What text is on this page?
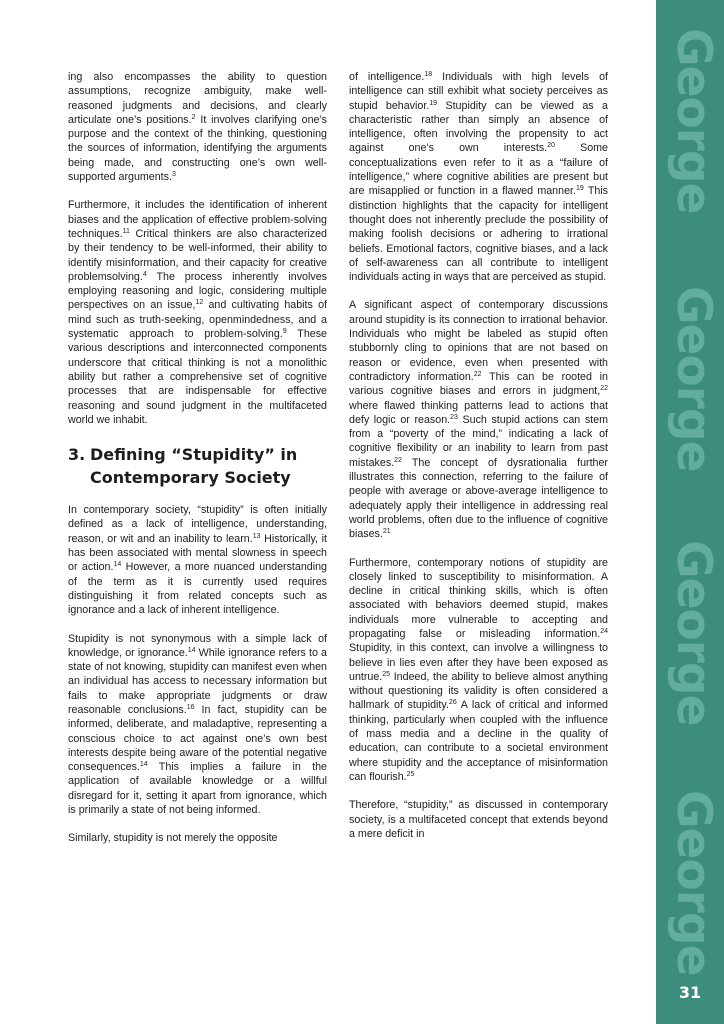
ing also encompasses the ability to question assumptions, recognize ambiguity, make well-reasoned judgments and decisions, and clearly articulate one’s positions.$^2$ It involves clarifying one’s purpose and the context of the thinking, questioning the sources of information, identifying the arguments being made, and constructing one’s own well-supported arguments.$^3$

Furthermore, it includes the identification of inherent biases and the application of effective problem-solving techniques.$^{11}$ Critical thinkers are also characterized by their tendency to be well-informed, their ability to identify misinformation, and their capacity for creative problemsolving.$^4$ The process inherently involves employing reasoning and logic, considering multiple perspectives on an issue,$^{12}$ and cultivating habits of mind such as truth-seeking, openmindedness, and a systematic approach to problem-solving.$^9$ These various descriptions and interconnected components underscore that critical thinking is not a monolithic ability but rather a comprehensive set of cognitive processes that are indispensable for effective reasoning and sound judgment in the multifaceted world we inhabit.

3. Defining “Stupidity” in
Contemporary Society

In contemporary society, “stupidity” is often initially defined as a lack of intelligence, understanding, reason, or wit and an inability to learn.$^{13}$ Historically, it has been associated with mental slowness in speech or action.$^{14}$ However, a more nuanced understanding of the term as it is currently used requires distinguishing it from related concepts such as ignorance and a lack of inherent intelligence.

Stupidity is not synonymous with a simple lack of knowledge, or ignorance.$^{14}$ While ignorance refers to a state of not knowing, stupidity can manifest even when an individual has access to necessary information but fails to make appropriate judgments or draw reasonable conclusions.$^{16}$ In fact, stupidity can be informed, deliberate, and maladaptive, representing a conscious choice to act against one’s own best interests despite being aware of the potential negative consequences.$^{14}$ This implies a failure in the application of available knowledge or a willful disregard for it, setting it apart from ignorance, which is primarily a state of not being informed.

Similarly, stupidity is not merely the opposite

of intelligence.$^{18}$ Individuals with high levels of intelligence can still exhibit what society perceives as stupid behavior.$^{19}$ Stupidity can be viewed as a characteristic rather than simply an absence of intelligence, often involving the propensity to act against one’s own interests.$^{20}$ Some conceptualizations even refer to it as a “failure of intelligence,” where cognitive abilities are present but are misapplied or function in a flawed manner.$^{19}$ This distinction highlights that the capacity for intelligent thought does not inherently preclude the possibility of making foolish decisions or adhering to irrational beliefs. Emotional factors, cognitive biases, and a lack of self-awareness can all contribute to intelligent individuals acting in ways that are perceived as stupid.

A significant aspect of contemporary discussions around stupidity is its connection to irrational behavior. Individuals who might be labeled as stupid often stubbornly cling to opinions that are not based on reason or evidence, even when presented with contradictory information.$^{22}$ This can be rooted in various cognitive biases and errors in judgment,$^{22}$ where flawed thinking patterns lead to actions that defy logic or reason.$^{23}$ Such stupid actions can stem from a “poverty of the mind,” indicating a lack of cognitive flexibility or an inability to learn from past mistakes.$^{22}$ The concept of dysrationalia further illustrates this connection, referring to the failure of people with average or above-average intelligence to adequately apply their intelligence in addressing real world problems, often due to the influence of cognitive biases.$^{21}$

Furthermore, contemporary notions of stupidity are closely linked to susceptibility to misinformation. A decline in critical thinking skills, which is often associated with behaviors deemed stupid, makes individuals more vulnerable to accepting and propagating false or misleading information.$^{24}$ Stupidity, in this context, can involve a willingness to believe in lies even after they have been exposed as untrue.$^{25}$ Indeed, the ability to believe almost anything without questioning its validity is often considered a hallmark of stupidity.$^{26}$ A lack of critical and informed thinking, particularly when coupled with the influence of mass media and a decline in the quality of education, can contribute to a societal environment where stupidity and the acceptance of misinformation can flourish.$^{25}$

Therefore, “stupidity,” as discussed in contemporary society, is a multifaceted concept that extends beyond a mere deficit in

George
George
George
George
31
